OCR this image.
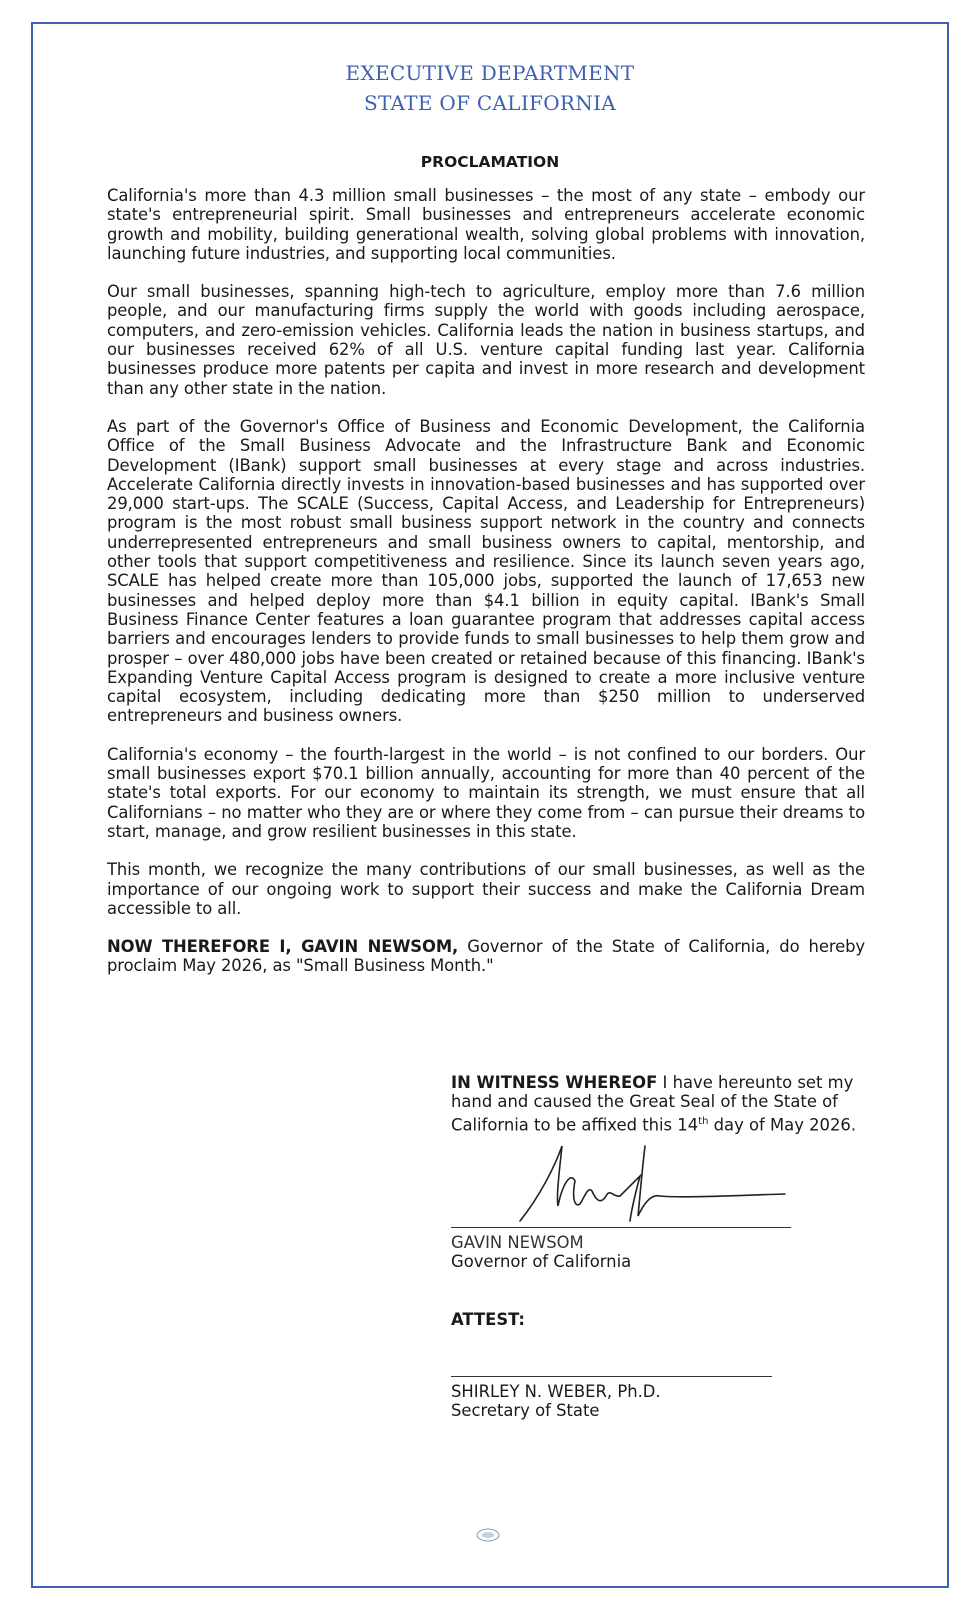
EXECUTIVE DEPARTMENT
STATE OF CALIFORNIA
PROCLAMATION

California's more than 4.3 million small businesses – the most of any state – embody our state's entrepreneurial spirit. Small businesses and entrepreneurs accelerate economic growth and mobility, building generational wealth, solving global problems with innovation, launching future industries, and supporting local communities.

Our small businesses, spanning high-tech to agriculture, employ more than 7.6 million people, and our manufacturing firms supply the world with goods including aerospace, computers, and zero-emission vehicles. California leads the nation in business startups, and our businesses received 62% of all U.S. venture capital funding last year. California businesses produce more patents per capita and invest in more research and development than any other state in the nation.

As part of the Governor's Office of Business and Economic Development, the California Office of the Small Business Advocate and the Infrastructure Bank and Economic Development (IBank) support small businesses at every stage and across industries. Accelerate California directly invests in innovation-based businesses and has supported over 29,000 start-ups. The SCALE (Success, Capital Access, and Leadership for Entrepreneurs) program is the most robust small business support network in the country and connects underrepresented entrepreneurs and small business owners to capital, mentorship, and other tools that support competitiveness and resilience. Since its launch seven years ago, SCALE has helped create more than 105,000 jobs, supported the launch of 17,653 new businesses and helped deploy more than $4.1 billion in equity capital. IBank's Small Business Finance Center features a loan guarantee program that addresses capital access barriers and encourages lenders to provide funds to small businesses to help them grow and prosper – over 480,000 jobs have been created or retained because of this financing. IBank's Expanding Venture Capital Access program is designed to create a more inclusive venture capital ecosystem, including dedicating more than $250 million to underserved entrepreneurs and business owners.

California's economy – the fourth-largest in the world – is not confined to our borders. Our small businesses export $70.1 billion annually, accounting for more than 40 percent of the state's total exports. For our economy to maintain its strength, we must ensure that all Californians – no matter who they are or where they come from – can pursue their dreams to start, manage, and grow resilient businesses in this state.

This month, we recognize the many contributions of our small businesses, as well as the importance of our ongoing work to support their success and make the California Dream accessible to all.

NOW THEREFORE I, GAVIN NEWSOM, Governor of the State of California, do hereby proclaim May 2026, as "Small Business Month."

IN WITNESS WHEREOF I have hereunto set my hand and caused the Great Seal of the State of California to be affixed this 14th day of May 2026.
GAVIN NEWSOM
Governor of California
ATTEST:
SHIRLEY N. WEBER, Ph.D.
Secretary of State
